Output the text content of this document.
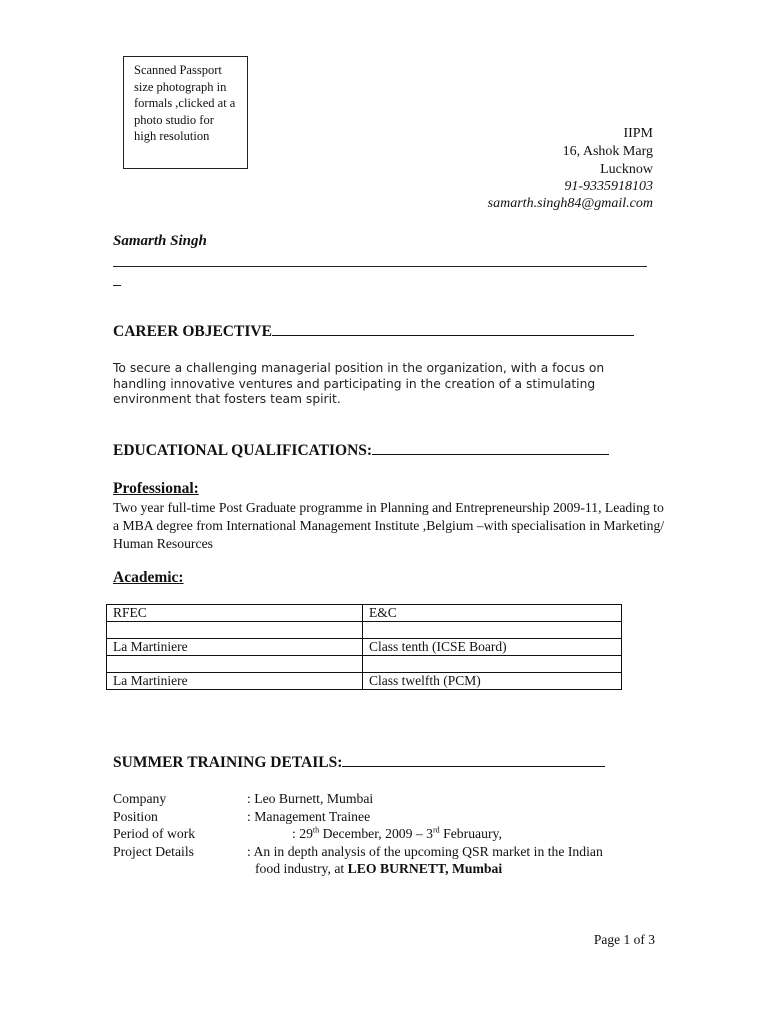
Scanned Passport size photograph in formals ,clicked at a photo studio for high resolution	IIPM
16, Ashok Marg
Lucknow
91-9335918103
samarth.singh84@gmail.com
Samarth Singh
CAREER OBJECTIVE
To secure a challenging managerial position in the organization, with a focus on handling innovative ventures and participating in the creation of a stimulating environment that fosters team spirit.
EDUCATIONAL QUALIFICATIONS:
Professional:
Two year full-time Post Graduate programme in Planning and Entrepreneurship 2009-11, Leading to a MBA degree from International Management Institute ,Belgium –with specialisation in Marketing/ Human Resources
Academic:
RFEC	E&C

La Martiniere	Class tenth (ICSE Board)

La Martiniere	Class twelfth (PCM)
SUMMER TRAINING DETAILS:
Company	: Leo Burnett, Mumbai
Position	: Management Trainee
Period of work	: 29th December, 2009 – 3rd Februaury,
Project Details	: An in depth analysis of the upcoming QSR market in the Indian
food industry, at LEO BURNETT, Mumbai
Page 1 of 3
